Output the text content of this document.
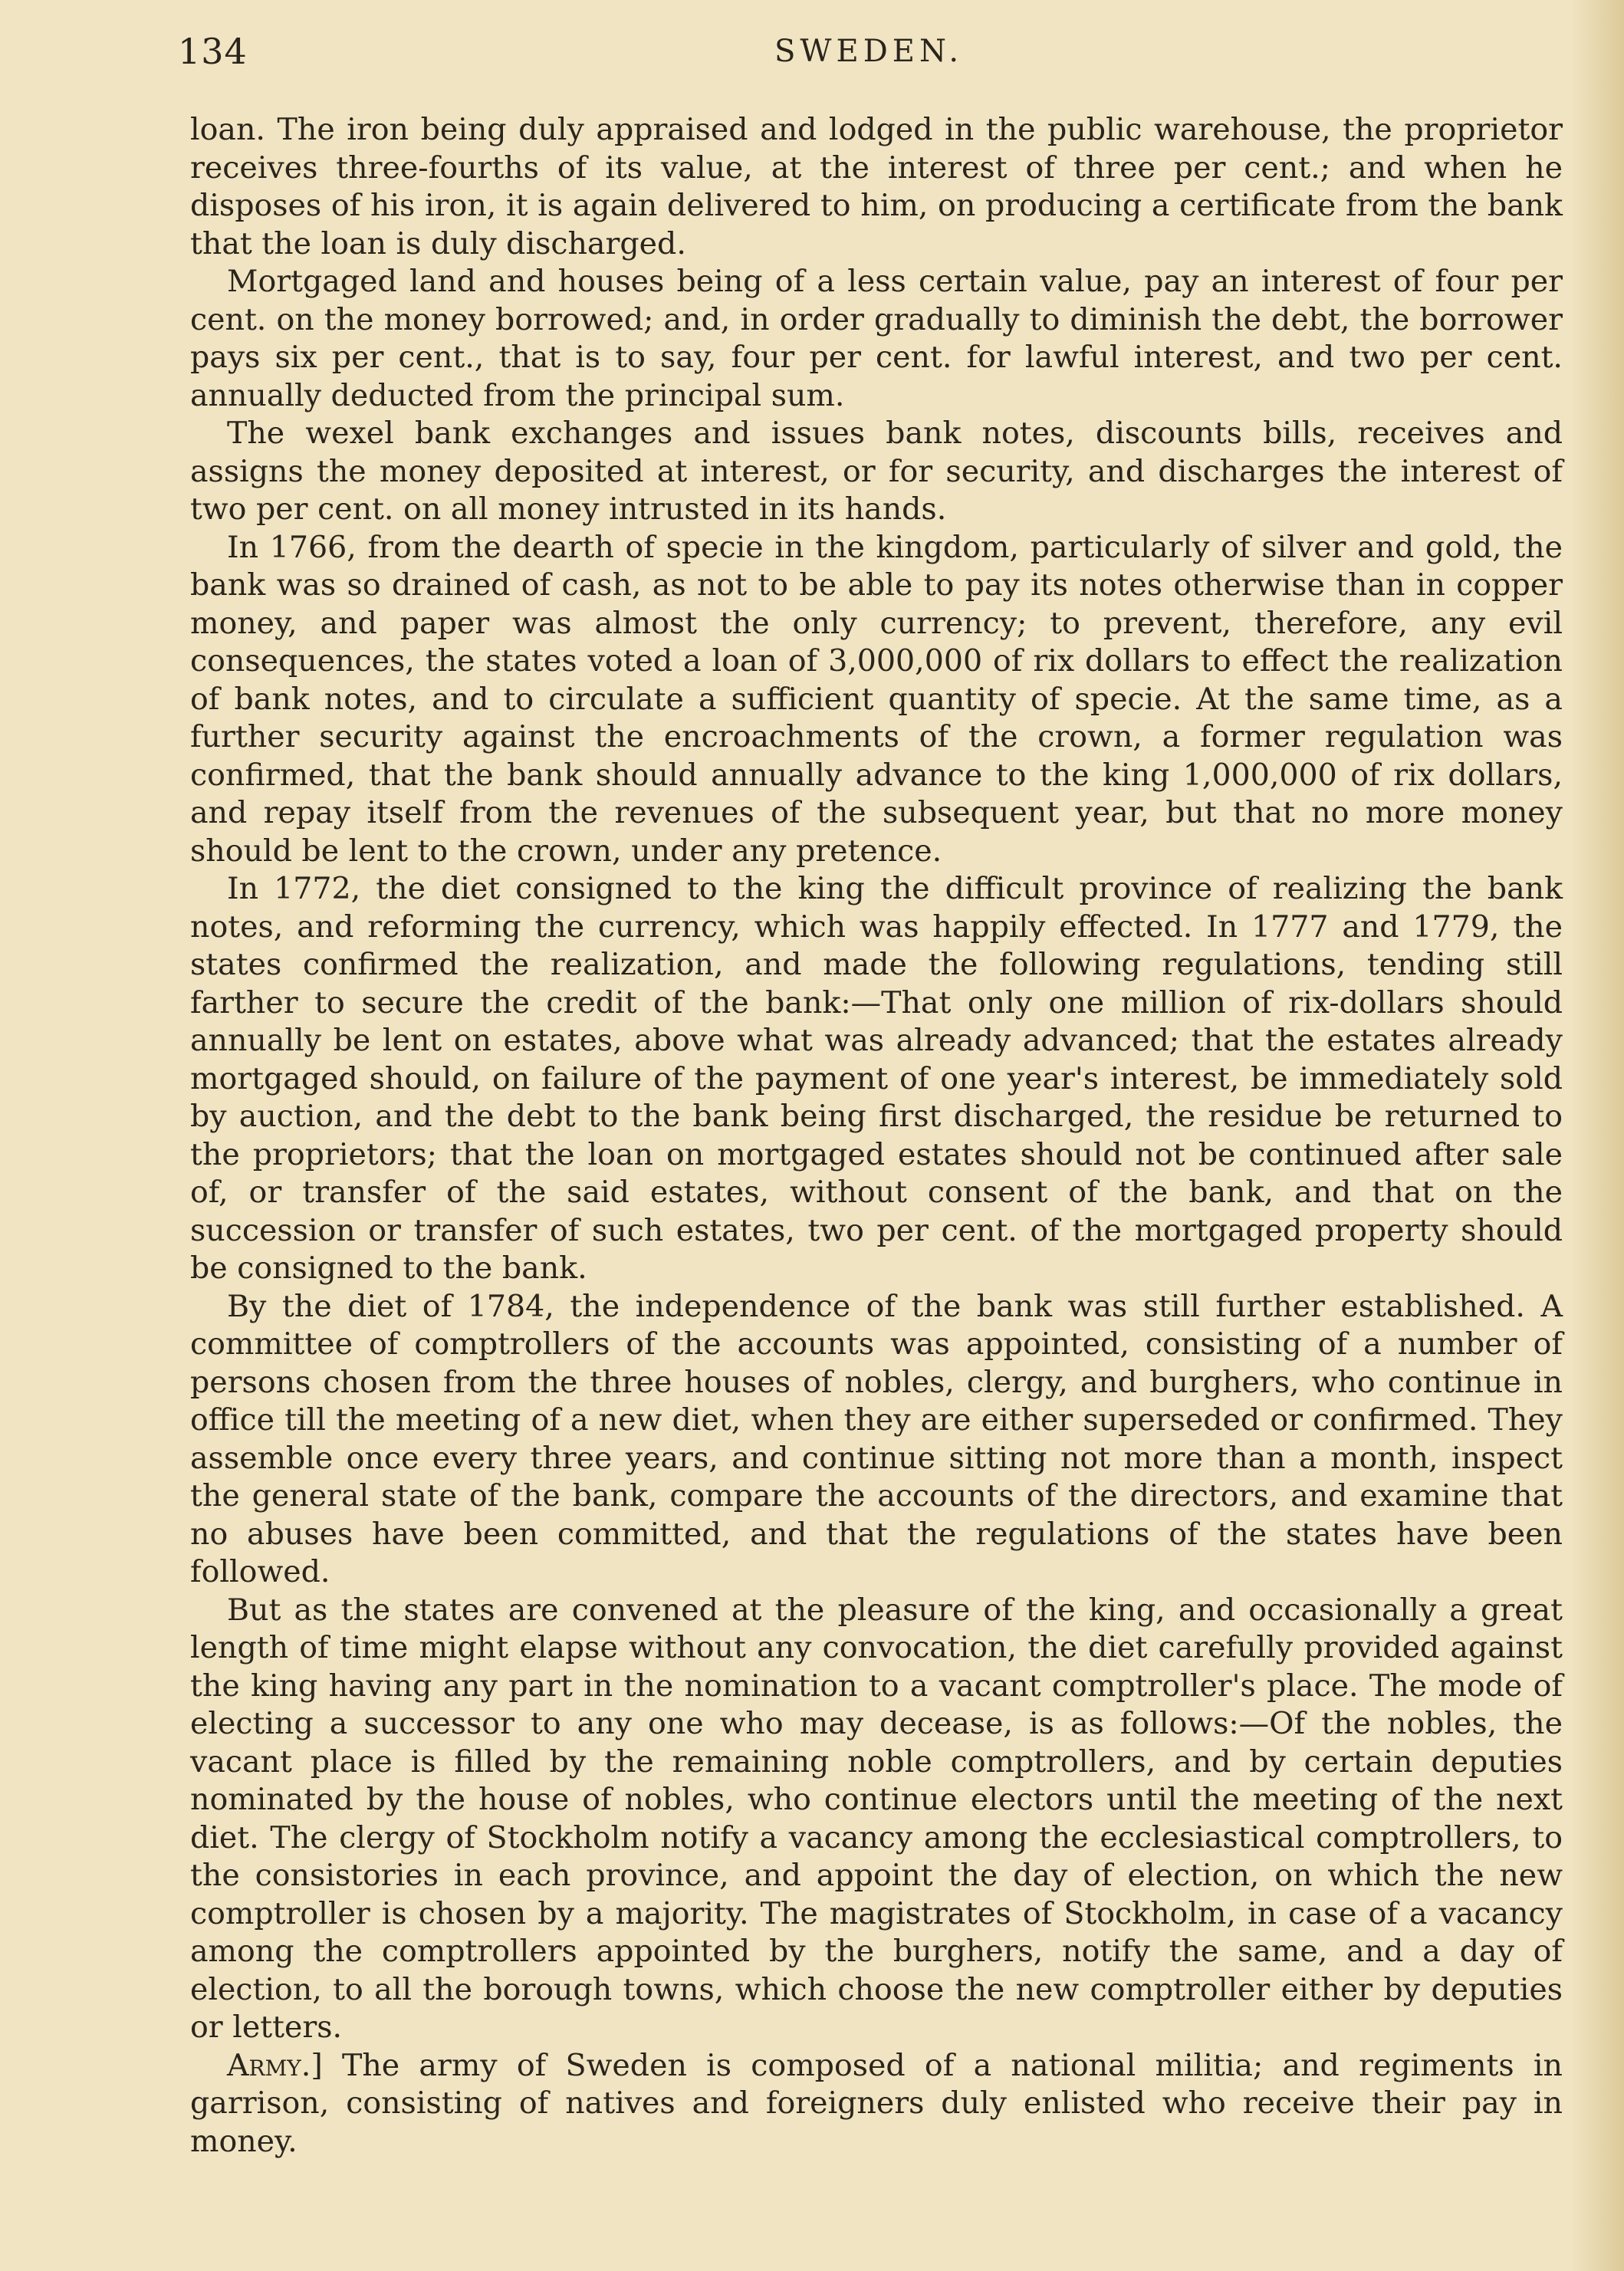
134	SWEDEN.

loan. The iron being duly appraised and lodged in the public warehouse, the proprietor receives three-fourths of its value, at the interest of three per cent.; and when he disposes of his iron, it is again delivered to him, on producing a certificate from the bank that the loan is duly discharged.

Mortgaged land and houses being of a less certain value, pay an interest of four per cent. on the money borrowed; and, in order gradually to diminish the debt, the borrower pays six per cent., that is to say, four per cent. for lawful interest, and two per cent. annually deducted from the principal sum.

The wexel bank exchanges and issues bank notes, discounts bills, receives and assigns the money deposited at interest, or for security, and discharges the interest of two per cent. on all money intrusted in its hands.

In 1766, from the dearth of specie in the kingdom, particularly of silver and gold, the bank was so drained of cash, as not to be able to pay its notes otherwise than in copper money, and paper was almost the only currency; to prevent, therefore, any evil consequences, the states voted a loan of 3,000,000 of rix dollars to effect the realization of bank notes, and to circulate a sufficient quantity of specie. At the same time, as a further security against the encroachments of the crown, a former regulation was confirmed, that the bank should annually advance to the king 1,000,000 of rix dollars, and repay itself from the revenues of the subsequent year, but that no more money should be lent to the crown, under any pretence.

In 1772, the diet consigned to the king the difficult province of realizing the bank notes, and reforming the currency, which was happily effected. In 1777 and 1779, the states confirmed the realization, and made the following regulations, tending still farther to secure the credit of the bank:—That only one million of rix-dollars should annually be lent on estates, above what was already advanced; that the estates already mortgaged should, on failure of the payment of one year's interest, be immediately sold by auction, and the debt to the bank being first discharged, the residue be returned to the proprietors; that the loan on mortgaged estates should not be continued after sale of, or transfer of the said estates, without consent of the bank, and that on the succession or transfer of such estates, two per cent. of the mortgaged property should be consigned to the bank.

By the diet of 1784, the independence of the bank was still further established. A committee of comptrollers of the accounts was appointed, consisting of a number of persons chosen from the three houses of nobles, clergy, and burghers, who continue in office till the meeting of a new diet, when they are either superseded or confirmed. They assemble once every three years, and continue sitting not more than a month, inspect the general state of the bank, compare the accounts of the directors, and examine that no abuses have been committed, and that the regulations of the states have been followed.

But as the states are convened at the pleasure of the king, and occasionally a great length of time might elapse without any convocation, the diet carefully provided against the king having any part in the nomination to a vacant comptroller's place. The mode of electing a successor to any one who may decease, is as follows:—Of the nobles, the vacant place is filled by the remaining noble comptrollers, and by certain deputies nominated by the house of nobles, who continue electors until the meeting of the next diet. The clergy of Stockholm notify a vacancy among the ecclesiastical comptrollers, to the consistories in each province, and appoint the day of election, on which the new comptroller is chosen by a majority. The magistrates of Stockholm, in case of a vacancy among the comptrollers appointed by the burghers, notify the same, and a day of election, to all the borough towns, which choose the new comptroller either by deputies or letters.

Army.] The army of Sweden is composed of a national militia; and regiments in garrison, consisting of natives and foreigners duly enlisted who receive their pay in money.
